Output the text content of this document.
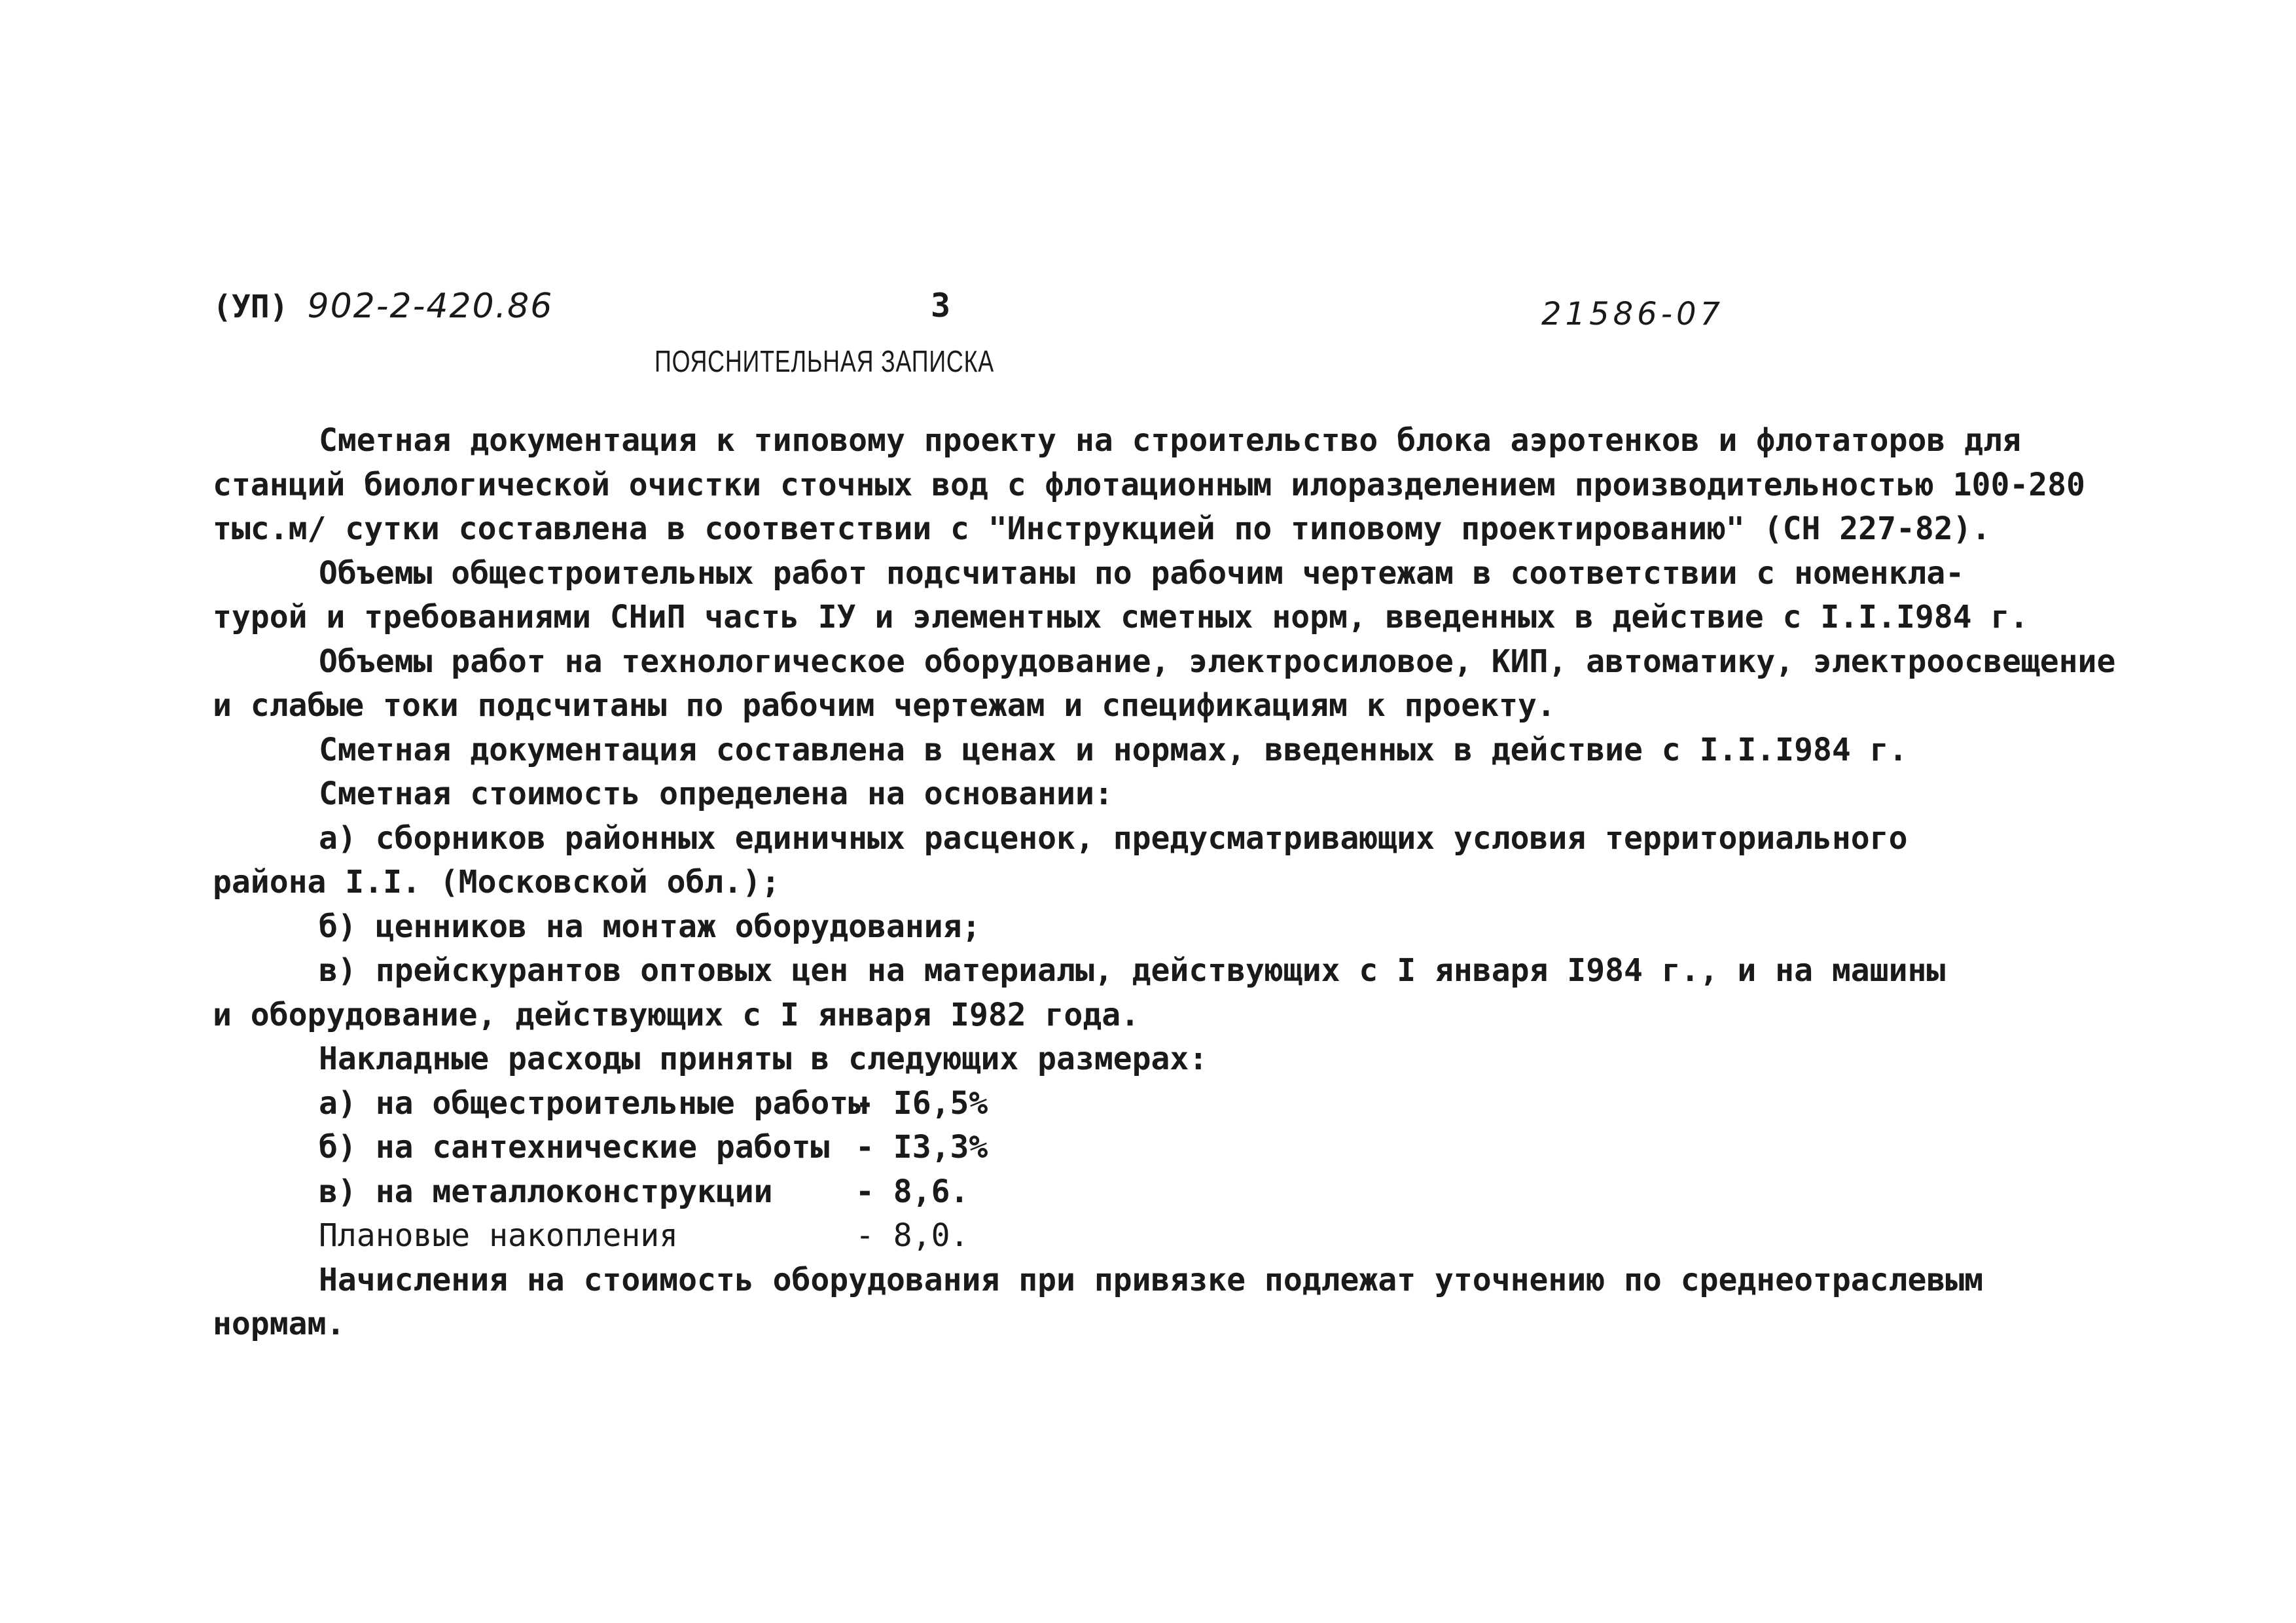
(УП) 902-2-420.86	3	21586-07
ПОЯСНИТЕЛЬНАЯ ЗАПИСКА
Сметная документация к типовому проекту на строительство блока аэротенков и флотаторов для
станций биологической очистки сточных вод с флотационным илоразделением производительностью 100-280
тыс.м/ сутки составлена в соответствии с "Инструкцией по типовому проектированию" (СН 227-82).
Объемы общестроительных работ подсчитаны по рабочим чертежам в соответствии с номенкла-
турой и требованиями СНиП часть IУ и элементных сметных норм, введенных в действие с I.I.I984 г.
Объемы работ на технологическое оборудование, электросиловое, КИП, автоматику, электроосвещение
и слабые токи подсчитаны по рабочим чертежам и спецификациям к проекту.
Сметная документация составлена в ценах и нормах, введенных в действие с I.I.I984 г.
Сметная стоимость определена на основании:
а) сборников районных единичных расценок, предусматривающих условия территориального
района I.I. (Московской обл.);
б) ценников на монтаж оборудования;
в) прейскурантов оптовых цен на материалы, действующих с I января I984 г., и на машины
и оборудование, действующих с I января I982 года.
Накладные расходы приняты в следующих размерах:
а) на общестроительные работы- I6,5%
б) на сантехнические работы - I3,3%
в) на металлоконструкции	- 8,6.
Плановые накопления	- 8,0.
Начисления на стоимость оборудования при привязке подлежат уточнению по среднеотраслевым
нормам.
